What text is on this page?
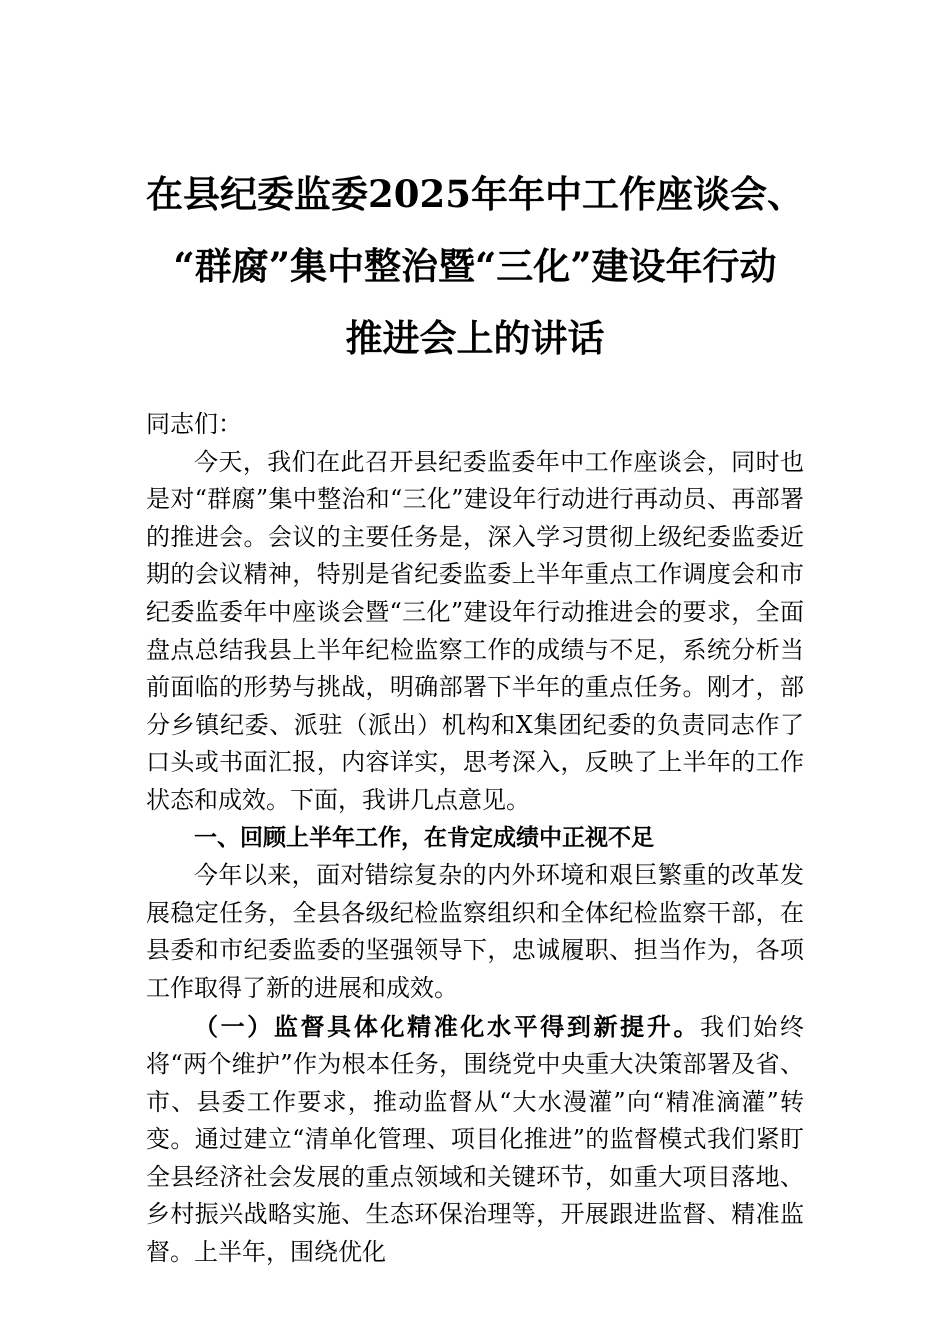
在县纪委监委2025年年中工作座谈会、
“群腐”集中整治暨“三化”建设年行动
推进会上的讲话

同志们：

今天，我们在此召开县纪委监委年中工作座谈会，同时也是对“群腐”集中整治和“三化”建设年行动进行再动员、再部署的推进会。会议的主要任务是，深入学习贯彻上级纪委监委近期的会议精神，特别是省纪委监委上半年重点工作调度会和市纪委监委年中座谈会暨“三化”建设年行动推进会的要求，全面盘点总结我县上半年纪检监察工作的成绩与不足，系统分析当前面临的形势与挑战，明确部署下半年的重点任务。刚才，部分乡镇纪委、派驻（派出）机构和X集团纪委的负责同志作了口头或书面汇报，内容详实，思考深入，反映了上半年的工作状态和成效。下面，我讲几点意见。

一、回顾上半年工作，在肯定成绩中正视不足

今年以来，面对错综复杂的内外环境和艰巨繁重的改革发展稳定任务，全县各级纪检监察组织和全体纪检监察干部，在县委和市纪委监委的坚强领导下，忠诚履职、担当作为，各项工作取得了新的进展和成效。

（一）监督具体化精准化水平得到新提升。我们始终将“两个维护”作为根本任务，围绕党中央重大决策部署及省、市、县委工作要求，推动监督从“大水漫灌”向“精准滴灌”转变。通过建立“清单化管理、项目化推进”的监督模式我们紧盯全县经济社会发展的重点领域和关键环节，如重大项目落地、乡村振兴战略实施、生态环保治理等，开展跟进监督、精准监督。上半年，围绕优化
